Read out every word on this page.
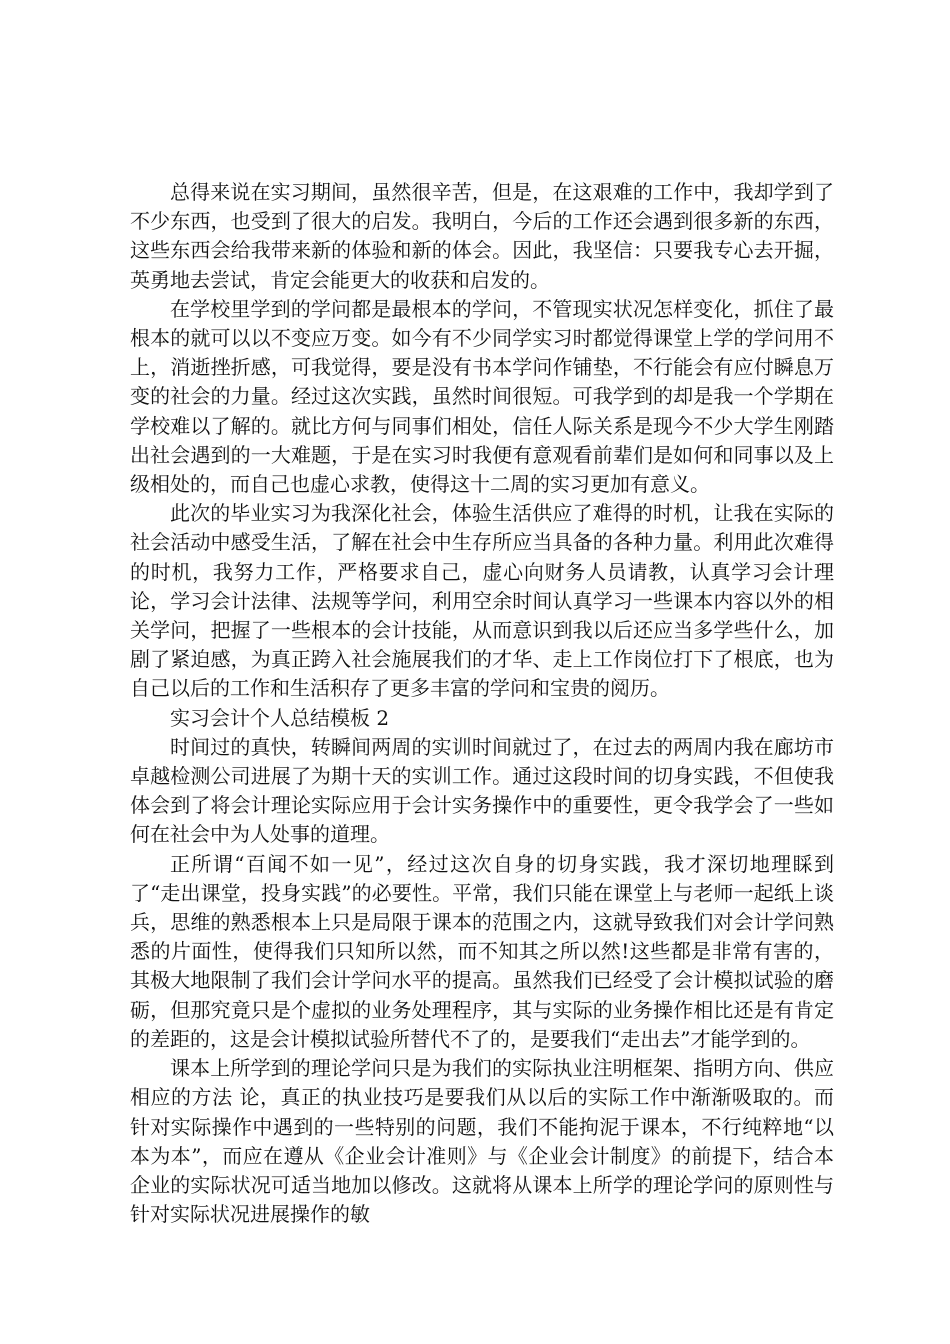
总得来说在实习期间，虽然很辛苦，但是，在这艰难的工作中，我却学到了不少东西，也受到了很大的启发。我明白，今后的工作还会遇到很多新的东西，这些东西会给我带来新的体验和新的体会。因此，我坚信：只要我专心去开掘，英勇地去尝试，肯定会能更大的收获和启发的。

在学校里学到的学问都是最根本的学问，不管现实状况怎样变化，抓住了最根本的就可以以不变应万变。如今有不少同学实习时都觉得课堂上学的学问用不上，消逝挫折感，可我觉得，要是没有书本学问作铺垫，不行能会有应付瞬息万变的社会的力量。经过这次实践，虽然时间很短。可我学到的却是我一个学期在学校难以了解的。就比方何与同事们相处，信任人际关系是现今不少大学生刚踏出社会遇到的一大难题，于是在实习时我便有意观看前辈们是如何和同事以及上级相处的，而自己也虚心求教，使得这十二周的实习更加有意义。

此次的毕业实习为我深化社会，体验生活供应了难得的时机，让我在实际的社会活动中感受生活，了解在社会中生存所应当具备的各种力量。利用此次难得的时机，我努力工作，严格要求自己，虚心向财务人员请教，认真学习会计理论，学习会计法律、法规等学问，利用空余时间认真学习一些课本内容以外的相关学问，把握了一些根本的会计技能，从而意识到我以后还应当多学些什么，加剧了紧迫感，为真正跨入社会施展我们的才华、走上工作岗位打下了根底，也为自己以后的工作和生活积存了更多丰富的学问和宝贵的阅历。

实习会计个人总结模板 2

时间过的真快，转瞬间两周的实训时间就过了，在过去的两周内我在廊坊市卓越检测公司进展了为期十天的实训工作。通过这段时间的切身实践，不但使我体会到了将会计理论实际应用于会计实务操作中的重要性，更令我学会了一些如何在社会中为人处事的道理。

正所谓“百闻不如一见”，经过这次自身的切身实践，我才深切地理睬到了“走出课堂，投身实践”的必要性。平常，我们只能在课堂上与老师一起纸上谈兵，思维的熟悉根本上只是局限于课本的范围之内，这就导致我们对会计学问熟悉的片面性，使得我们只知所以然，而不知其之所以然!这些都是非常有害的，其极大地限制了我们会计学问水平的提高。虽然我们已经受了会计模拟试验的磨砺，但那究竟只是个虚拟的业务处理程序，其与实际的业务操作相比还是有肯定的差距的，这是会计模拟试验所替代不了的，是要我们“走出去”才能学到的。

课本上所学到的理论学问只是为我们的实际执业注明框架、指明方向、供应相应的方法 论，真正的执业技巧是要我们从以后的实际工作中渐渐吸取的。而针对实际操作中遇到的一些特别的问题，我们不能拘泥于课本，不行纯粹地“以本为本”，而应在遵从《企业会计准则》与《企业会计制度》的前提下，结合本企业的实际状况可适当地加以修改。这就将从课本上所学的理论学问的原则性与针对实际状况进展操作的敏
